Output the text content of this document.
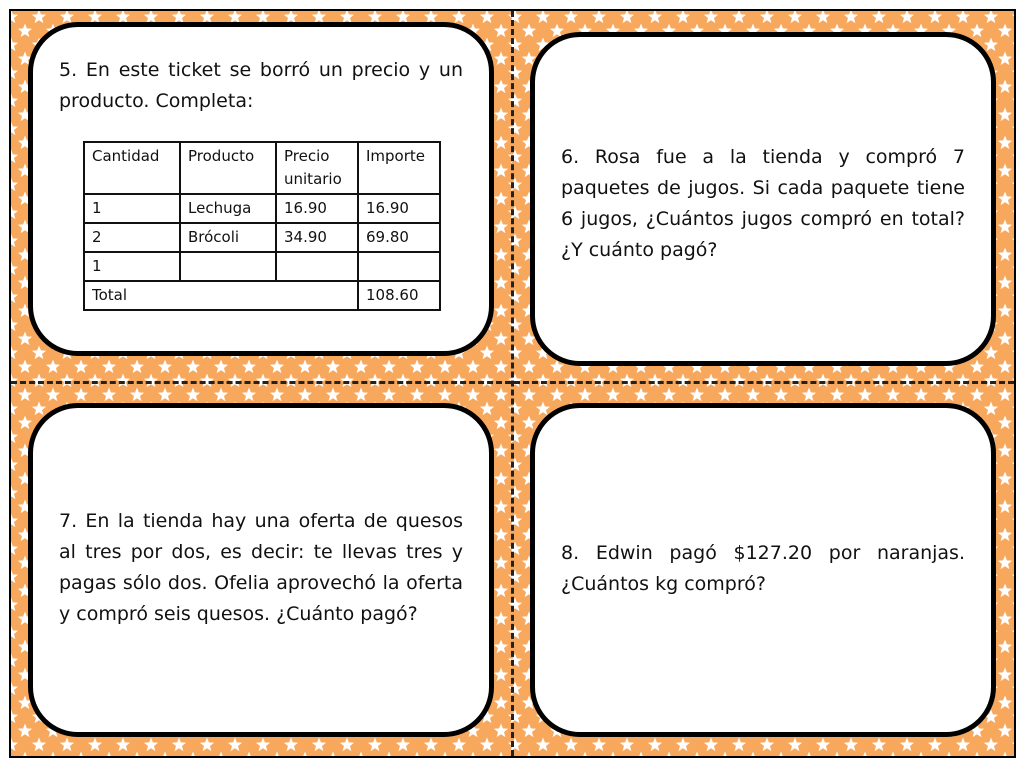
5. En este ticket se borró un precio y un producto. Completa:
Cantidad	Producto	Precio unitario	Importe
1	Lechuga	16.90	16.90
2	Brócoli	34.90	69.80
1			
Total			108.60
6. Rosa fue a la tienda y compró 7 paquetes de jugos. Si cada paquete tiene 6 jugos, ¿Cuántos jugos compró en total? ¿Y cuánto pagó?
7. En la tienda hay una oferta de quesos al tres por dos, es decir: te llevas tres y pagas sólo dos. Ofelia aprovechó la oferta y compró seis quesos. ¿Cuánto pagó?
8. Edwin pagó $127.20 por naranjas. ¿Cuántos kg compró?
